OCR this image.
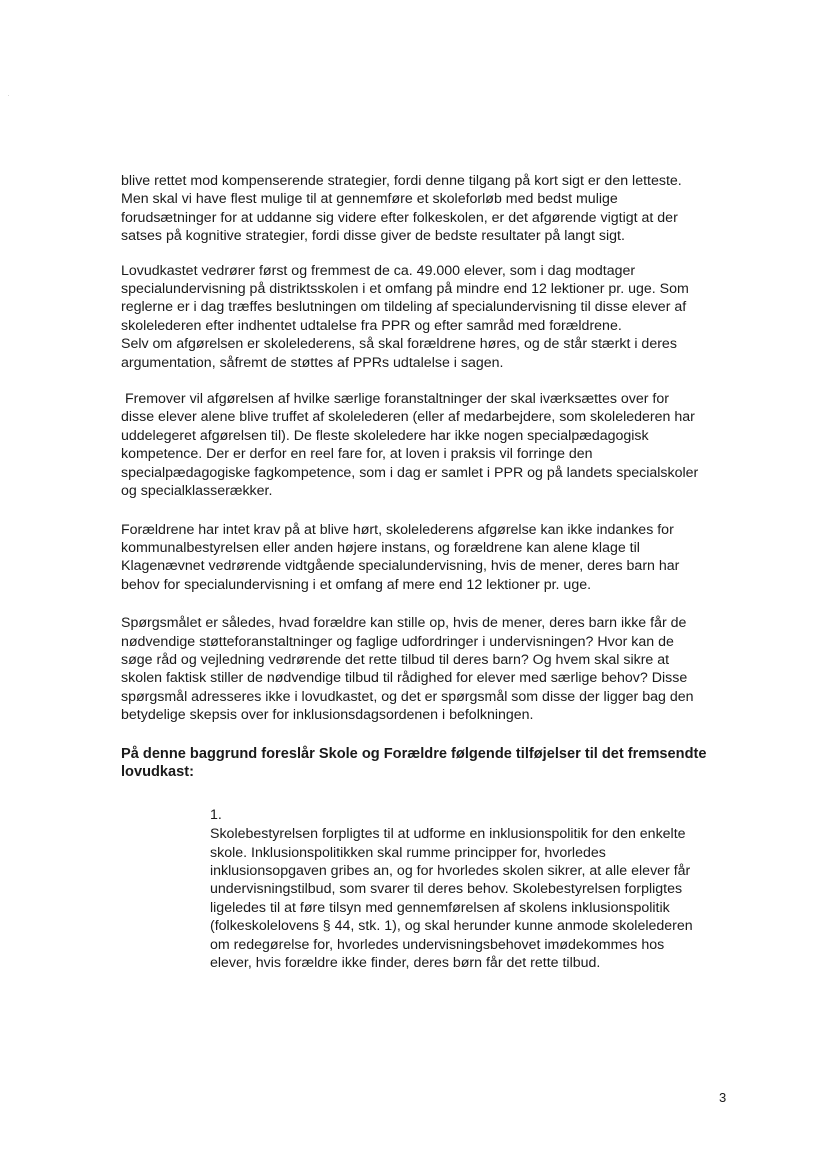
blive rettet mod kompenserende strategier, fordi denne tilgang på kort sigt er den letteste.
Men skal vi have flest mulige til at gennemføre et skoleforløb med bedst mulige
forudsætninger for at uddanne sig videre efter folkeskolen, er det afgørende vigtigt at der
satses på kognitive strategier, fordi disse giver de bedste resultater på langt sigt.
Lovudkastet vedrører først og fremmest de ca. 49.000 elever, som i dag modtager
specialundervisning på distriktsskolen i et omfang på mindre end 12 lektioner pr. uge. Som
reglerne er i dag træffes beslutningen om tildeling af specialundervisning til disse elever af
skolelederen efter indhentet udtalelse fra PPR og efter samråd med forældrene.
Selv om afgørelsen er skolelederens, så skal forældrene høres, og de står stærkt i deres
argumentation, såfremt de støttes af PPRs udtalelse i sagen.
Fremover vil afgørelsen af hvilke særlige foranstaltninger der skal iværksættes over for
disse elever alene blive truffet af skolelederen (eller af medarbejdere, som skolelederen har
uddelegeret afgørelsen til). De fleste skoleledere har ikke nogen specialpædagogisk
kompetence. Der er derfor en reel fare for, at loven i praksis vil forringe den
specialpædagogiske fagkompetence, som i dag er samlet i PPR og på landets specialskoler
og specialklasserækker.
Forældrene har intet krav på at blive hørt, skolelederens afgørelse kan ikke indankes for
kommunalbestyrelsen eller anden højere instans, og forældrene kan alene klage til
Klagenævnet vedrørende vidtgående specialundervisning, hvis de mener, deres barn har
behov for specialundervisning i et omfang af mere end 12 lektioner pr. uge.
Spørgsmålet er således, hvad forældre kan stille op, hvis de mener, deres barn ikke får de
nødvendige støtteforanstaltninger og faglige udfordringer i undervisningen? Hvor kan de
søge råd og vejledning vedrørende det rette tilbud til deres barn? Og hvem skal sikre at
skolen faktisk stiller de nødvendige tilbud til rådighed for elever med særlige behov? Disse
spørgsmål adresseres ikke i lovudkastet, og det er spørgsmål som disse der ligger bag den
betydelige skepsis over for inklusionsdagsordenen i befolkningen.
På denne baggrund foreslår Skole og Forældre følgende tilføjelser til det fremsendte
lovudkast:
1.
Skolebestyrelsen forpligtes til at udforme en inklusionspolitik for den enkelte
skole. Inklusionspolitikken skal rumme principper for, hvorledes
inklusionsopgaven gribes an, og for hvorledes skolen sikrer, at alle elever får
undervisningstilbud, som svarer til deres behov. Skolebestyrelsen forpligtes
ligeledes til at føre tilsyn med gennemførelsen af skolens inklusionspolitik
(folkeskolelovens § 44, stk. 1), og skal herunder kunne anmode skolelederen
om redegørelse for, hvorledes undervisningsbehovet imødekommes hos
elever, hvis forældre ikke finder, deres børn får det rette tilbud.
3
